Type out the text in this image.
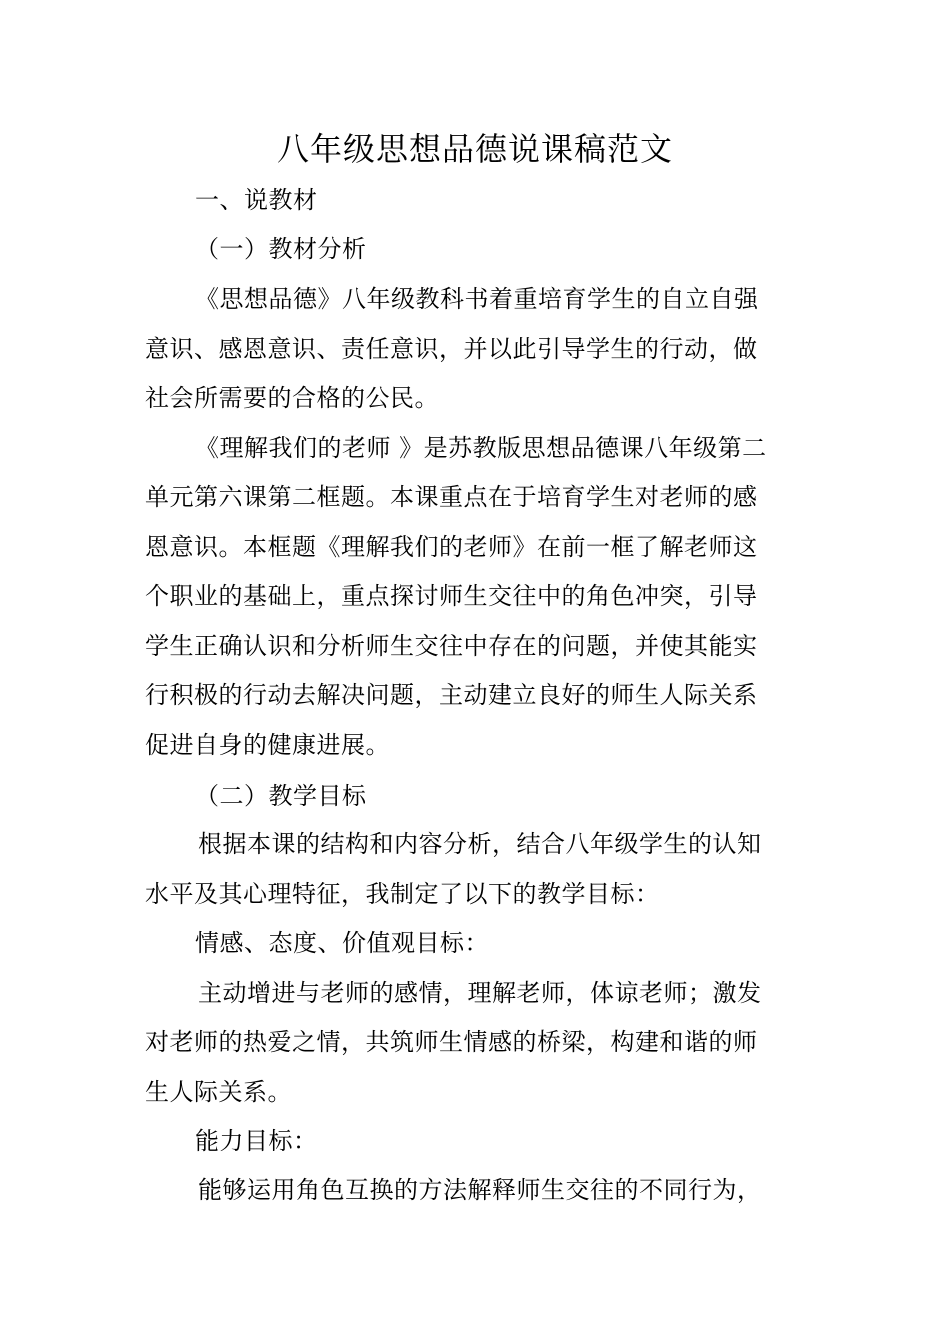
八年级思想品德说课稿范文
一、说教材
（一）教材分析
《思想品德》八年级教科书着重培育学生的自立自强
意识、感恩意识、责任意识，并以此引导学生的行动，做
社会所需要的合格的公民。
《理解我们的老师 》是苏教版思想品德课八年级第二
单元第六课第二框题。本课重点在于培育学生对老师的感
恩意识。本框题《理解我们的老师》在前一框了解老师这
个职业的基础上，重点探讨师生交往中的角色冲突，引导
学生正确认识和分析师生交往中存在的问题，并使其能实
行积极的行动去解决问题，主动建立良好的师生人际关系
促进自身的健康进展。
（二）教学目标
根据本课的结构和内容分析，结合八年级学生的认知
水平及其心理特征，我制定了以下的教学目标：
情感、态度、价值观目标：
主动增进与老师的感情，理解老师，体谅老师；激发
对老师的热爱之情，共筑师生情感的桥梁，构建和谐的师
生人际关系。
能力目标：
能够运用角色互换的方法解释师生交往的不同行为，
